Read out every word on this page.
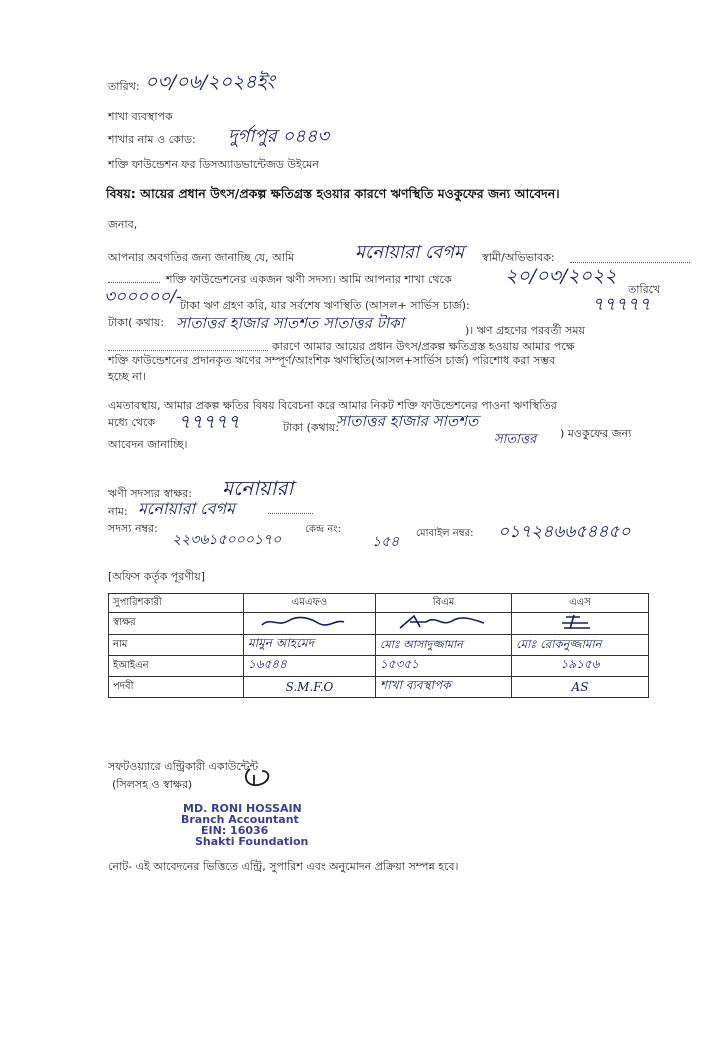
তারিখ: ০৩/০৬/২০২৪ইং
শাখা ব্যবস্থাপক
শাখার নাম ও কোড: দুর্গাপুর ০৪৪৩
শক্তি ফাউন্ডেশন ফর ডিসঅ্যাডভান্টেজড উইমেন
বিষয়: আয়ের প্রধান উৎস/প্রকল্প ক্ষতিগ্রস্ত হওয়ার কারণে ঋণস্থিতি মওকুফের জন্য আবেদন।
জনাব,
আপনার অবগতির জন্য জানাচ্ছি যে, আমি	মনোয়ারা বেগম স্বামী/অভিভাবক:
শক্তি ফাউন্ডেশনের একজন ঋণী সদস্য। আমি আপনার শাখা থেকে	২০/০৩/২০২২
তারিখে
৩০০০০০/-
টাকা ঋণ গ্রহণ করি, যার সর্বশেষ ঋণস্থিতি (আসল+ সার্ভিস চার্জ):	৭৭৭৭৭
টাকা( কথায়: সাতাত্তর হাজার সাতশত সাতাত্তর টাকা	)। ঋণ গ্রহণের পরবর্তী সময়
কারণে আমার আয়ের প্রধান উৎস/প্রকল্প ক্ষতিগ্রস্ত হওয়ায় আমার পক্ষে
শক্তি ফাউন্ডেশনের প্রদানকৃত ঋণের সম্পূর্ণ/আংশিক ঋণস্থিতি(আসল+সার্ভিস চার্জ) পরিশোধ করা সম্ভব
হচ্ছে না।
এমতাবস্থায়, আমার প্রকল্প ক্ষতির বিষয় বিবেচনা করে আমার নিকট শক্তি ফাউন্ডেশনের পাওনা ঋণস্থিতির
মধ্যে থেকে ৭৭৭৭৭	টাকা (কথায়:
সাতাত্তর হাজার সাতশত
সাতাত্তর ) মওকুফের জন্য
আবেদন জানাচ্ছি।
ঋণী সদস্যর স্বাক্ষর: মনোয়ারা
নাম: মনোয়ারা বেগম
সদস্য নম্বর:
২২৩৬১৫০০০১৭০
কেন্দ্র নং:
১৫৪
মোবাইল নম্বর: ০১৭২৪৬৬৫৪৪৫০
[অফিস কর্তৃক পূরণীয়]
সুপারিশকারী	এমএফও	বিএম	এএস
স্বাক্ষর			
নাম	মামুন আহমেদ	মোঃ আসাদুজ্জামান	মোঃ রোকনুজ্জামান
ইআইএন	১৬৫৪৪	১৫৩৫১	১৯১৫৬
পদবী	S.M.F.O	শাখা ব্যবস্থাপক	AS
সফটওয়্যারে এন্ট্রিকারী একাউন্টেন্ট
(সিলসহ ও স্বাক্ষর)
MD. RONI HOSSAIN
Branch Accountant
EIN: 16036
Shakti Foundation
নোট- এই আবেদনের ভিত্তিতে এন্ট্রি, সুপারিশ এবং অনুমোদন প্রক্রিয়া সম্পন্ন হবে।
